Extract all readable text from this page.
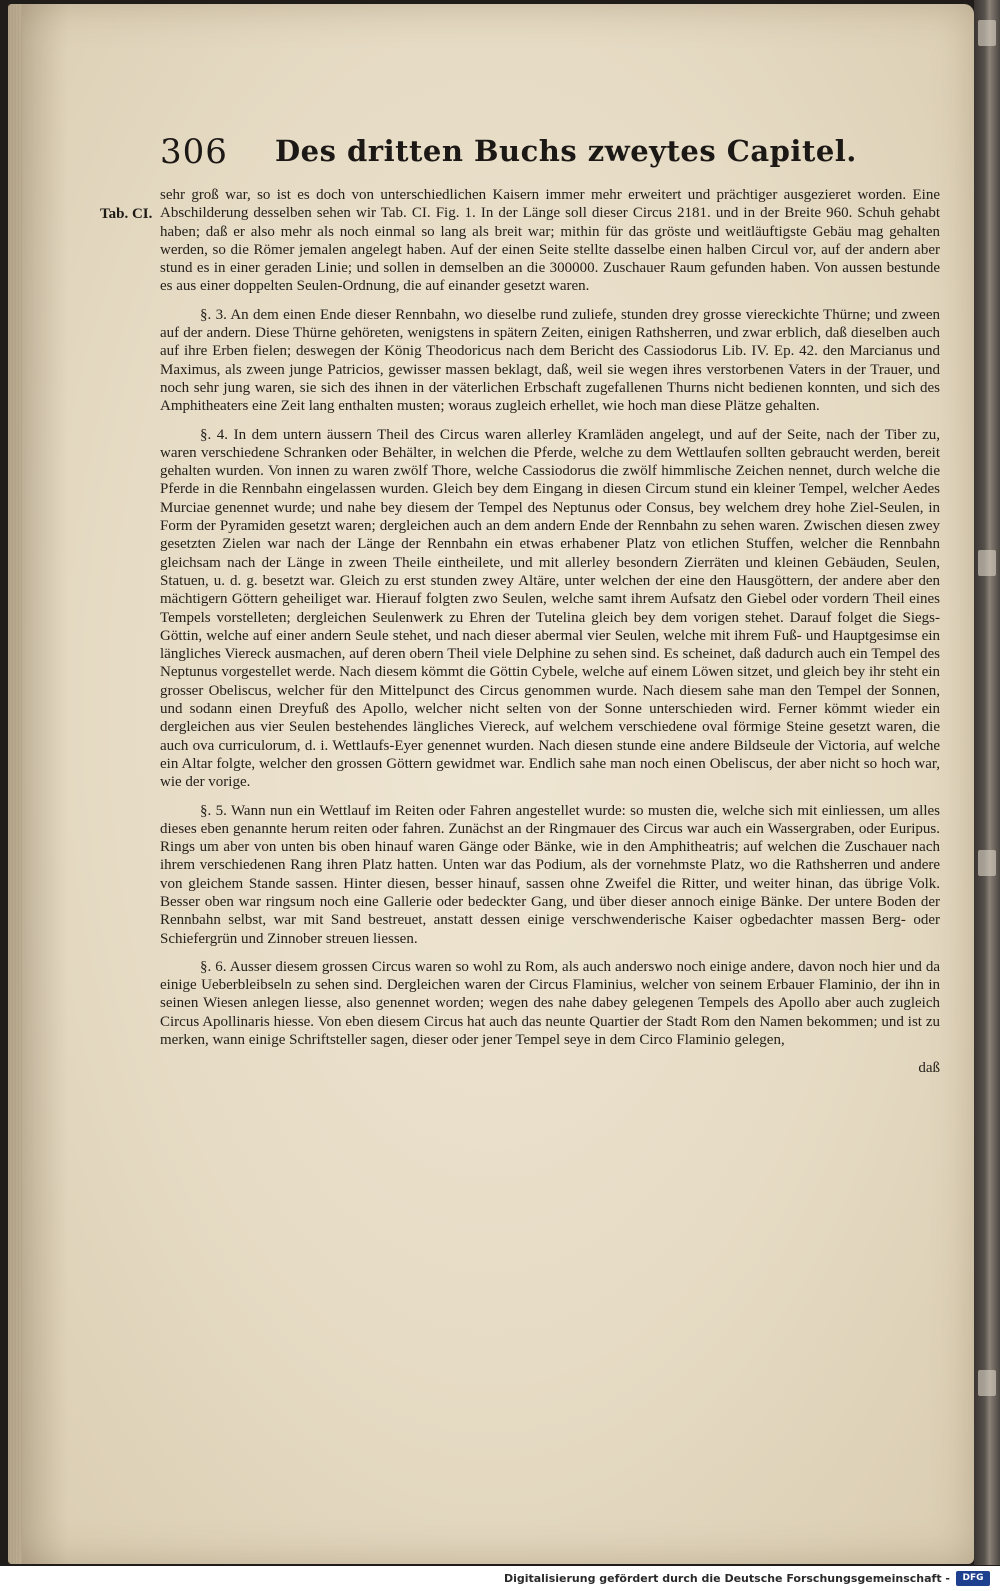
306 Des dritten Buchs zweytes Capitel.
Tab. CI.

sehr groß war, so ist es doch von unterschiedlichen Kaisern immer mehr erweitert und prächtiger ausgezieret worden. Eine Abschilderung desselben sehen wir Tab. CI. Fig. 1. In der Länge soll dieser Circus 2181. und in der Breite 960. Schuh gehabt haben; daß er also mehr als noch einmal so lang als breit war; mithin für das gröste und weitläuftigste Gebäu mag gehalten werden, so die Römer jemalen angelegt haben. Auf der einen Seite stellte dasselbe einen halben Circul vor, auf der andern aber stund es in einer geraden Linie; und sollen in demselben an die 300000. Zuschauer Raum gefunden haben. Von aussen bestunde es aus einer doppelten Seulen-Ordnung, die auf einander gesetzt waren.

§. 3. An dem einen Ende dieser Rennbahn, wo dieselbe rund zuliefe, stunden drey grosse viereckichte Thürne; und zween auf der andern. Diese Thürne gehöreten, wenigstens in spätern Zeiten, einigen Rathsherren, und zwar erblich, daß dieselben auch auf ihre Erben fielen; deswegen der König Theodoricus nach dem Bericht des Cassiodorus Lib. IV. Ep. 42. den Marcianus und Maximus, als zween junge Patricios, gewisser massen beklagt, daß, weil sie wegen ihres verstorbenen Vaters in der Trauer, und noch sehr jung waren, sie sich des ihnen in der väterlichen Erbschaft zugefallenen Thurns nicht bedienen konnten, und sich des Amphitheaters eine Zeit lang enthalten musten; woraus zugleich erhellet, wie hoch man diese Plätze gehalten.

§. 4. In dem untern äussern Theil des Circus waren allerley Kramläden angelegt, und auf der Seite, nach der Tiber zu, waren verschiedene Schranken oder Behälter, in welchen die Pferde, welche zu dem Wettlaufen sollten gebraucht werden, bereit gehalten wurden. Von innen zu waren zwölf Thore, welche Cassiodorus die zwölf himmlische Zeichen nennet, durch welche die Pferde in die Rennbahn eingelassen wurden. Gleich bey dem Eingang in diesen Circum stund ein kleiner Tempel, welcher Aedes Murciae genennet wurde; und nahe bey diesem der Tempel des Neptunus oder Consus, bey welchem drey hohe Ziel-Seulen, in Form der Pyramiden gesetzt waren; dergleichen auch an dem andern Ende der Rennbahn zu sehen waren. Zwischen diesen zwey gesetzten Zielen war nach der Länge der Rennbahn ein etwas erhabener Platz von etlichen Stuffen, welcher die Rennbahn gleichsam nach der Länge in zween Theile eintheilete, und mit allerley besondern Zierräten und kleinen Gebäuden, Seulen, Statuen, u. d. g. besetzt war. Gleich zu erst stunden zwey Altäre, unter welchen der eine den Hausgöttern, der andere aber den mächtigern Göttern geheiliget war. Hierauf folgten zwo Seulen, welche samt ihrem Aufsatz den Giebel oder vordern Theil eines Tempels vorstelleten; dergleichen Seulenwerk zu Ehren der Tutelina gleich bey dem vorigen stehet. Darauf folget die Siegs-Göttin, welche auf einer andern Seule stehet, und nach dieser abermal vier Seulen, welche mit ihrem Fuß- und Hauptgesimse ein längliches Viereck ausmachen, auf deren obern Theil viele Delphine zu sehen sind. Es scheinet, daß dadurch auch ein Tempel des Neptunus vorgestellet werde. Nach diesem kömmt die Göttin Cybele, welche auf einem Löwen sitzet, und gleich bey ihr steht ein grosser Obeliscus, welcher für den Mittelpunct des Circus genommen wurde. Nach diesem sahe man den Tempel der Sonnen, und sodann einen Dreyfuß des Apollo, welcher nicht selten von der Sonne unterschieden wird. Ferner kömmt wieder ein dergleichen aus vier Seulen bestehendes längliches Viereck, auf welchem verschiedene oval förmige Steine gesetzt waren, die auch ova curriculorum, d. i. Wettlaufs-Eyer genennet wurden. Nach diesen stunde eine andere Bildseule der Victoria, auf welche ein Altar folgte, welcher den grossen Göttern gewidmet war. Endlich sahe man noch einen Obeliscus, der aber nicht so hoch war, wie der vorige.

§. 5. Wann nun ein Wettlauf im Reiten oder Fahren angestellet wurde: so musten die, welche sich mit einliessen, um alles dieses eben genannte herum reiten oder fahren. Zunächst an der Ringmauer des Circus war auch ein Wassergraben, oder Euripus. Rings um aber von unten bis oben hinauf waren Gänge oder Bänke, wie in den Amphitheatris; auf welchen die Zuschauer nach ihrem verschiedenen Rang ihren Platz hatten. Unten war das Podium, als der vornehmste Platz, wo die Rathsherren und andere von gleichem Stande sassen. Hinter diesen, besser hinauf, sassen ohne Zweifel die Ritter, und weiter hinan, das übrige Volk. Besser oben war ringsum noch eine Gallerie oder bedeckter Gang, und über dieser annoch einige Bänke. Der untere Boden der Rennbahn selbst, war mit Sand bestreuet, anstatt dessen einige verschwenderische Kaiser ogbedachter massen Berg- oder Schiefergrün und Zinnober streuen liessen.

§. 6. Ausser diesem grossen Circus waren so wohl zu Rom, als auch anderswo noch einige andere, davon noch hier und da einige Ueberbleibseln zu sehen sind. Dergleichen waren der Circus Flaminius, welcher von seinem Erbauer Flaminio, der ihn in seinen Wiesen anlegen liesse, also genennet worden; wegen des nahe dabey gelegenen Tempels des Apollo aber auch zugleich Circus Apollinaris hiesse. Von eben diesem Circus hat auch das neunte Quartier der Stadt Rom den Namen bekommen; und ist zu merken, wann einige Schriftsteller sagen, dieser oder jener Tempel seye in dem Circo Flaminio gelegen,

daß

Digitalisierung gefördert durch die Deutsche Forschungsgemeinschaft -	DFG
